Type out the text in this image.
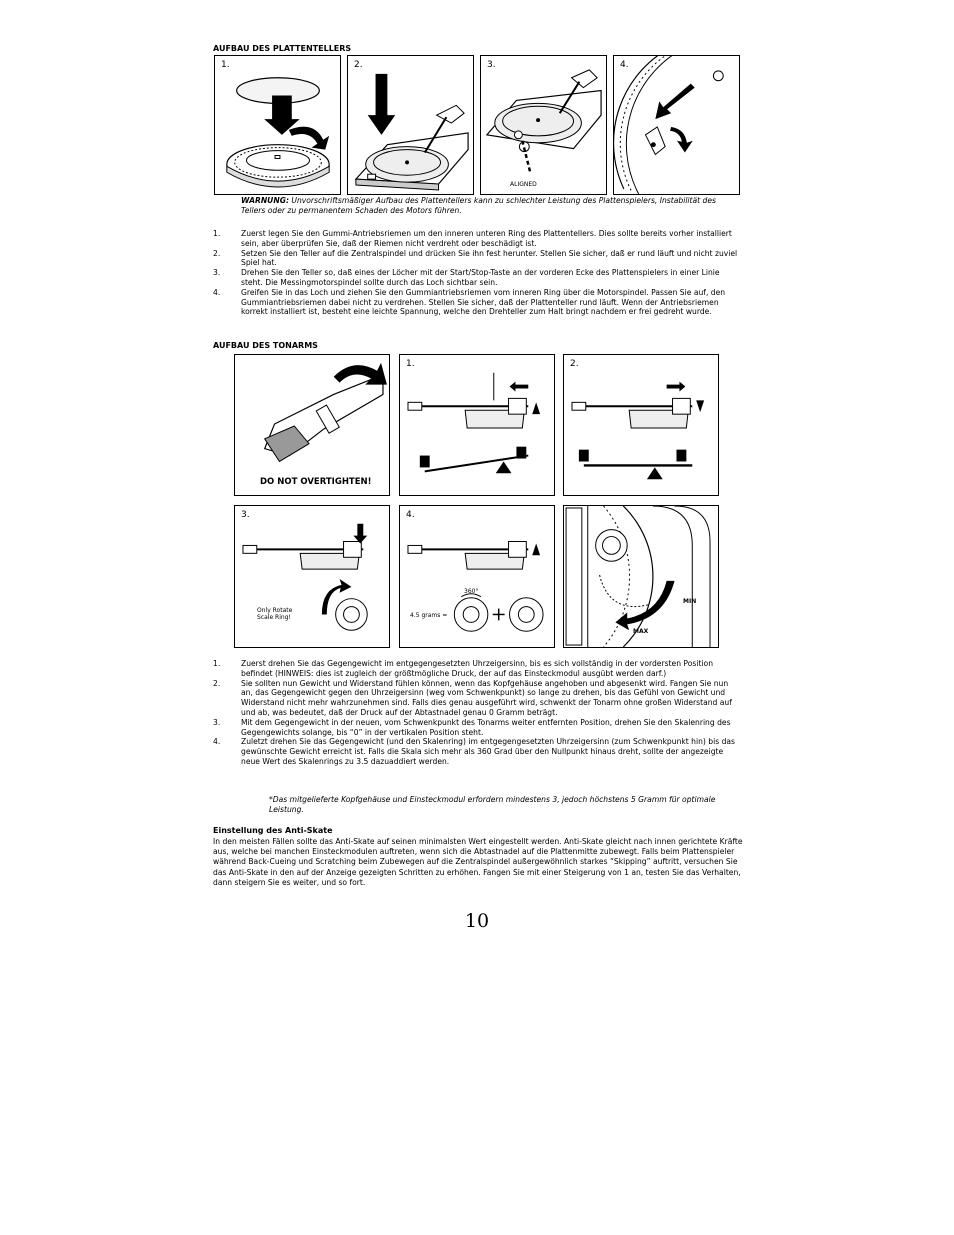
AUFBAU DES PLATTENTELLERS
1.	2.	3.
ALIGNED
4.
WARNUNG: Unvorschriftsmäßiger Aufbau des Plattentellers kann zu schlechter Leistung des Plattenspielers, Instabilität des Tellers oder zu permanentem Schaden des Motors führen.
1.	Zuerst legen Sie den Gummi-Antriebsriemen um den inneren unteren Ring des Plattentellers. Dies sollte bereits vorher installiert sein, aber überprüfen Sie, daß der Riemen nicht verdreht oder beschädigt ist.
2.	Setzen Sie den Teller auf die Zentralspindel und drücken Sie ihn fest herunter. Stellen Sie sicher, daß er rund läuft und nicht zuviel Spiel hat.
3.	Drehen Sie den Teller so, daß eines der Löcher mit der Start/Stop-Taste an der vorderen Ecke des Plattenspielers in einer Linie steht. Die Messingmotorspindel sollte durch das Loch sichtbar sein.
4.	Greifen Sie in das Loch und ziehen Sie den Gummiantriebsriemen vom inneren Ring über die Motorspindel. Passen Sie auf, den Gummiantriebsriemen dabei nicht zu verdrehen. Stellen Sie sicher, daß der Plattenteller rund läuft. Wenn der Antriebsriemen korrekt installiert ist, besteht eine leichte Spannung, welche den Drehteller zum Halt bringt nachdem er frei gedreht wurde.
AUFBAU DES TONARMS
DO NOT OVERTIGHTEN!
1.	2.
3.
Only Rotate Scale Ring!
4.
360°
4.5 grams =
MIN
MAX
1.	Zuerst drehen Sie das Gegengewicht im entgegengesetzten Uhrzeigersinn, bis es sich vollständig in der vordersten Position befindet (HINWEIS: dies ist zugleich der größtmögliche Druck, der auf das Einsteckmodul ausgübt werden darf.)
2.	Sie sollten nun Gewicht und Widerstand fühlen können, wenn das Kopfgehäuse angehoben und abgesenkt wird. Fangen Sie nun an, das Gegengewicht gegen den Uhrzeigersinn (weg vom Schwenkpunkt) so lange zu drehen, bis das Gefühl von Gewicht und Widerstand nicht mehr wahrzunehmen sind. Falls dies genau ausgeführt wird, schwenkt der Tonarm ohne großen Widerstand auf und ab, was bedeutet, daß der Druck auf der Abtastnadel genau 0 Gramm beträgt.
3.	Mit dem Gegengewicht in der neuen, vom Schwenkpunkt des Tonarms weiter entfernten Position, drehen Sie den Skalenring des Gegengewichts solange, bis “0” in der vertikalen Position steht.
4.	Zuletzt drehen Sie das Gegengewicht (und den Skalenring) im entgegengesetzten Uhrzeigersinn (zum Schwenkpunkt hin) bis das gewünschte Gewicht erreicht ist. Falls die Skala sich mehr als 360 Grad über den Nullpunkt hinaus dreht, sollte der angezeigte neue Wert des Skalenrings zu 3.5 dazuaddiert werden.
*Das mitgelieferte Kopfgehäuse und Einsteckmodul erfordern mindestens 3, jedoch höchstens 5 Gramm für optimale Leistung.
Einstellung des Anti-Skate
In den meisten Fällen sollte das Anti-Skate auf seinen minimalsten Wert eingestellt werden. Anti-Skate gleicht nach innen gerichtete Kräfte aus, welche bei manchen Einsteckmodulen auftreten, wenn sich die Abtastnadel auf die Plattenmitte zubewegt. Falls beim Plattenspieler während Back-Cueing und Scratching beim Zubewegen auf die Zentralspindel außergewöhnlich starkes “Skipping” auftritt, versuchen Sie das Anti-Skate in den auf der Anzeige gezeigten Schritten zu erhöhen. Fangen Sie mit einer Steigerung von 1 an, testen Sie das Verhalten, dann steigern Sie es weiter, und so fort.
10
